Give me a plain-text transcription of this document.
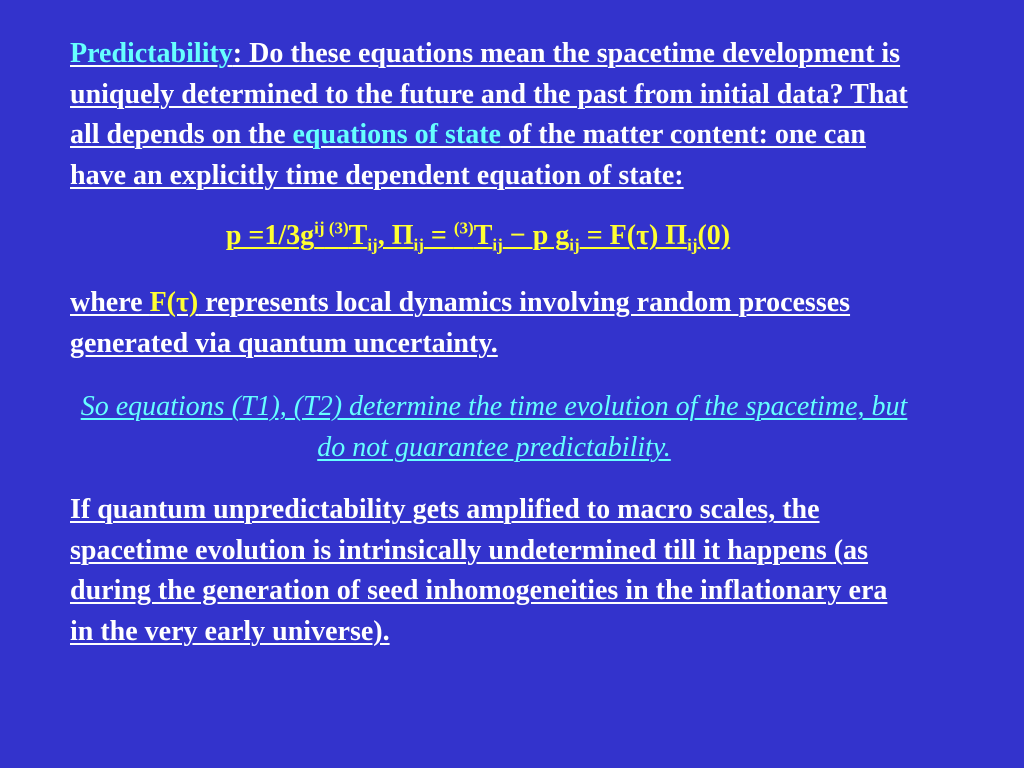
Predictability: Do these equations mean the spacetime development is uniquely determined to the future and the past from initial data? That all depends on the equations of state of the matter content: one can have an explicitly time dependent equation of state:

$p =1/3g^{ij}$ $^{(3)}T_{ij}$, $\Pi_{ij} = ^{(3)}T_{ij} - p$ $g_{ij} = F(\tau)$ $\Pi_{ij}(0)$

where F(τ) represents local dynamics involving random processes generated via quantum uncertainty.

So equations (T1), (T2) determine the time evolution of the spacetime, but do not guarantee predictability.

If quantum unpredictability gets amplified to macro scales, the spacetime evolution is intrinsically undetermined till it happens (as during the generation of seed inhomogeneities in the inflationary era in the very early universe).
